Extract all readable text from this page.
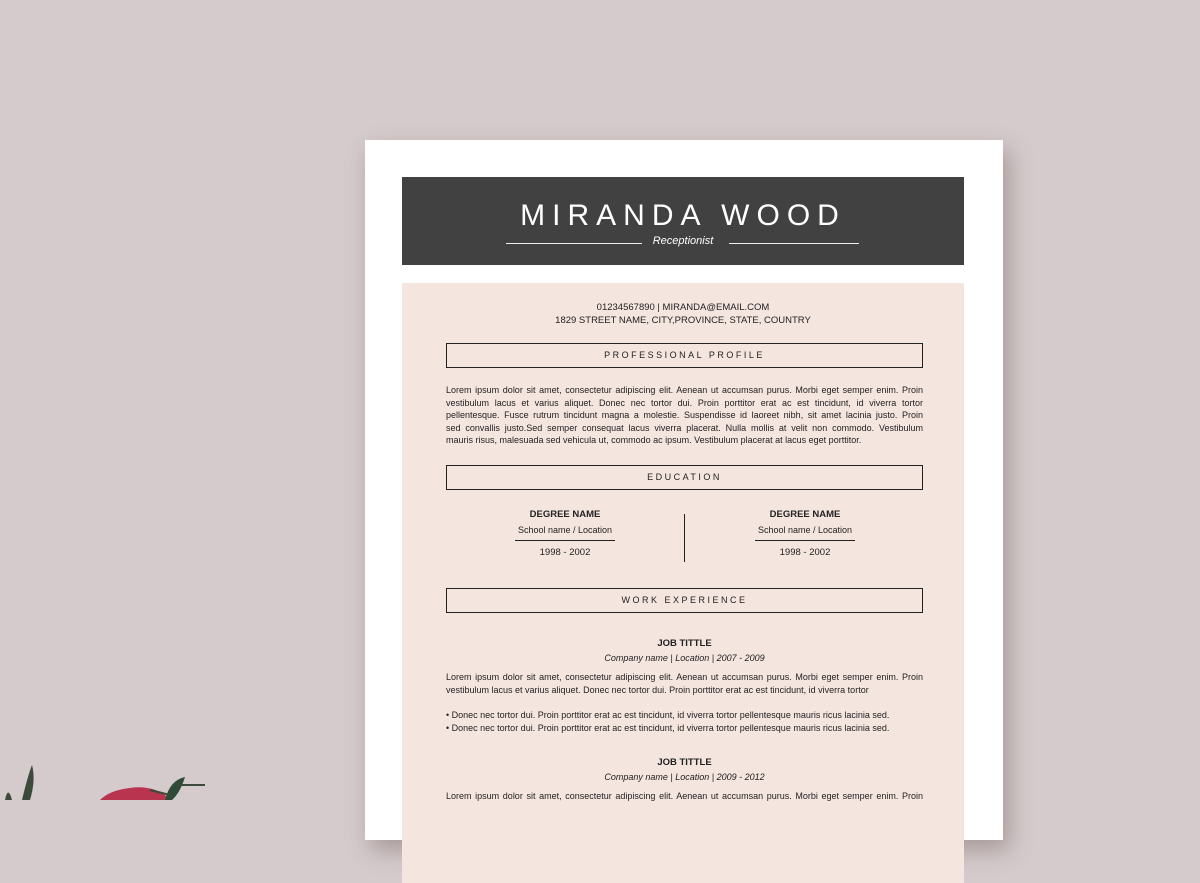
MIRANDA WOOD
Receptionist
01234567890 | MIRANDA@EMAIL.COM
1829 STREET NAME, CITY,PROVINCE, STATE, COUNTRY
PROFESSIONAL PROFILE
Lorem ipsum dolor sit amet, consectetur adipiscing elit. Aenean ut accumsan purus. Morbi eget semper enim. Proin
vestibulum lacus et varius aliquet. Donec nec tortor dui. Proin porttitor erat ac est tincidunt, id viverra tortor
pellentesque. Fusce rutrum tincidunt magna a molestie. Suspendisse id laoreet nibh, sit amet lacinia justo. Proin
sed convallis justo.Sed semper consequat lacus viverra placerat. Nulla mollis at velit non commodo. Vestibulum
mauris risus, malesuada sed vehicula ut, commodo ac ipsum. Vestibulum placerat at lacus eget porttitor.
EDUCATION
DEGREE NAME
School name / Location
1998 - 2002
DEGREE NAME
School name / Location
1998 - 2002
WORK EXPERIENCE
JOB TITTLE
Company name | Location | 2007 - 2009
Lorem ipsum dolor sit amet, consectetur adipiscing elit. Aenean ut accumsan purus. Morbi eget semper enim. Proin
vestibulum lacus et varius aliquet. Donec nec tortor dui. Proin porttitor erat ac est tincidunt, id viverra tortor
• Donec nec tortor dui. Proin porttitor erat ac est tincidunt, id viverra tortor pellentesque mauris ricus lacinia sed.
• Donec nec tortor dui. Proin porttitor erat ac est tincidunt, id viverra tortor pellentesque mauris ricus lacinia sed.
JOB TITTLE
Company name | Location | 2009 - 2012
Lorem ipsum dolor sit amet, consectetur adipiscing elit. Aenean ut accumsan purus. Morbi eget semper enim. Proin
